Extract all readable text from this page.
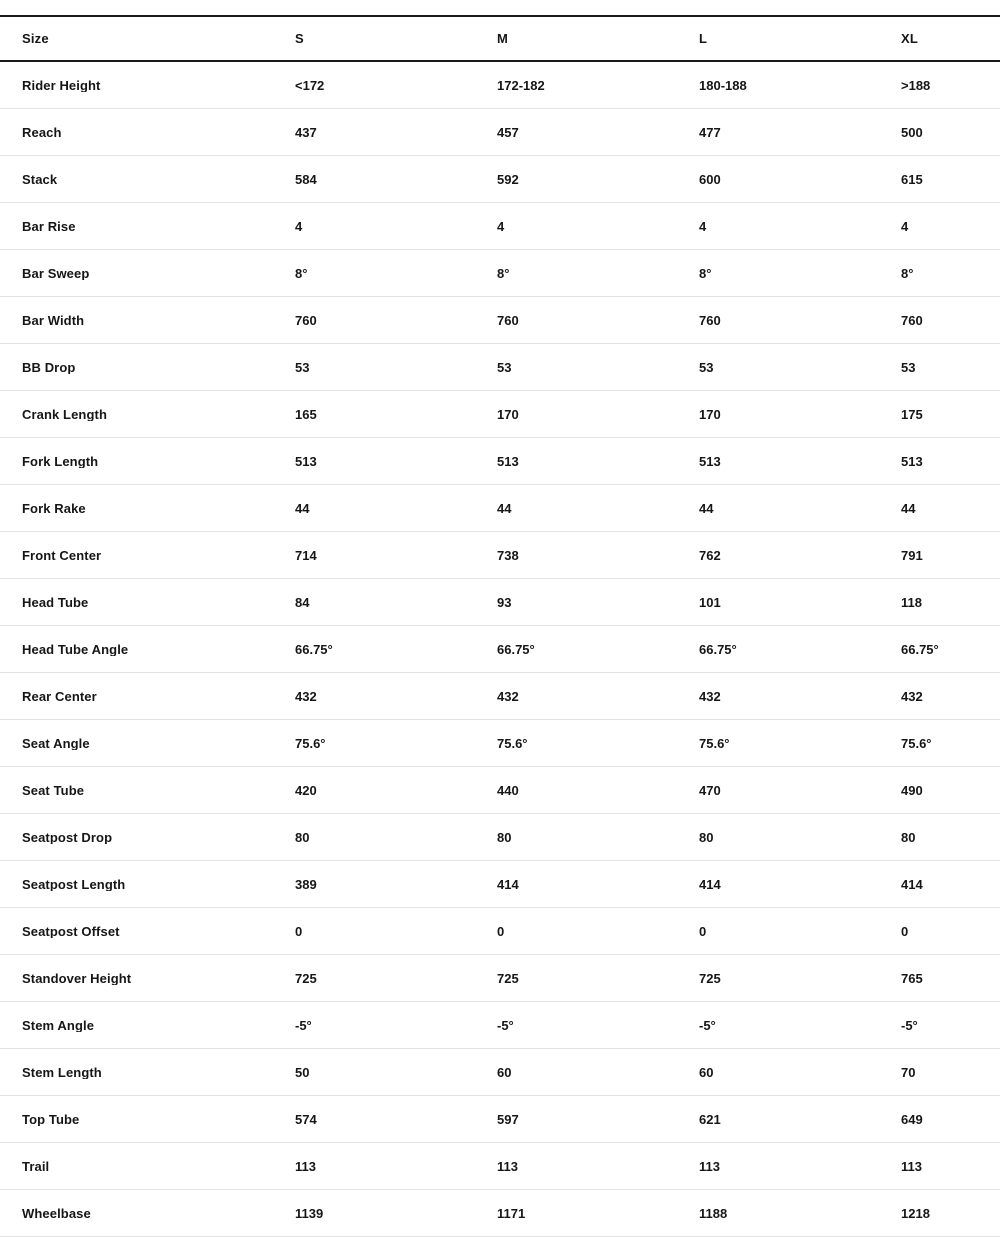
Size	S	M	L	XL
Rider Height	<172	172-182	180-188	>188
Reach	437	457	477	500
Stack	584	592	600	615
Bar Rise	4	4	4	4
Bar Sweep	8°	8°	8°	8°
Bar Width	760	760	760	760
BB Drop	53	53	53	53
Crank Length	165	170	170	175
Fork Length	513	513	513	513
Fork Rake	44	44	44	44
Front Center	714	738	762	791
Head Tube	84	93	101	118
Head Tube Angle	66.75°	66.75°	66.75°	66.75°
Rear Center	432	432	432	432
Seat Angle	75.6°	75.6°	75.6°	75.6°
Seat Tube	420	440	470	490
Seatpost Drop	80	80	80	80
Seatpost Length	389	414	414	414
Seatpost Offset	0	0	0	0
Standover Height	725	725	725	765
Stem Angle	-5°	-5°	-5°	-5°
Stem Length	50	60	60	70
Top Tube	574	597	621	649
Trail	113	113	113	113
Wheelbase	1139	1171	1188	1218
